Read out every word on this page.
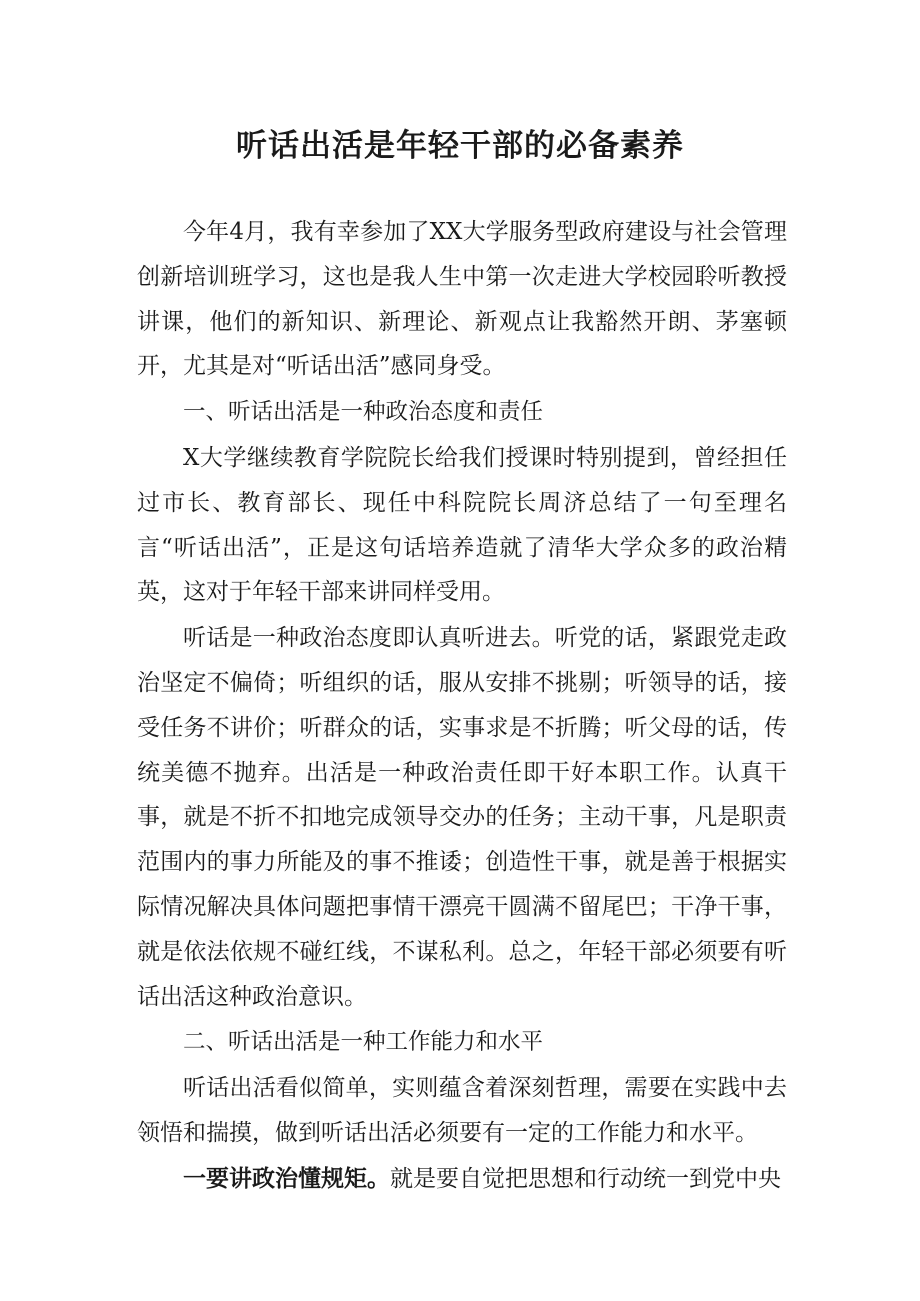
听话出活是年轻干部的必备素养

今年4月，我有幸参加了XX大学服务型政府建设与社会管理创新培训班学习，这也是我人生中第一次走进大学校园聆听教授讲课，他们的新知识、新理论、新观点让我豁然开朗、茅塞顿开，尤其是对“听话出活”感同身受。

一、听话出活是一种政治态度和责任

X大学继续教育学院院长给我们授课时特别提到，曾经担任过市长、教育部长、现任中科院院长周济总结了一句至理名言“听话出活”，正是这句话培养造就了清华大学众多的政治精英，这对于年轻干部来讲同样受用。

听话是一种政治态度即认真听进去。听党的话，紧跟党走政治坚定不偏倚；听组织的话，服从安排不挑剔；听领导的话，接受任务不讲价；听群众的话，实事求是不折腾；听父母的话，传统美德不抛弃。出活是一种政治责任即干好本职工作。认真干事，就是不折不扣地完成领导交办的任务；主动干事，凡是职责范围内的事力所能及的事不推诿；创造性干事，就是善于根据实际情况解决具体问题把事情干漂亮干圆满不留尾巴；干净干事，就是依法依规不碰红线，不谋私利。总之，年轻干部必须要有听话出活这种政治意识。

二、听话出活是一种工作能力和水平

听话出活看似简单，实则蕴含着深刻哲理，需要在实践中去领悟和揣摸，做到听话出活必须要有一定的工作能力和水平。

一要讲政治懂规矩。就是要自觉把思想和行动统一到党中央
